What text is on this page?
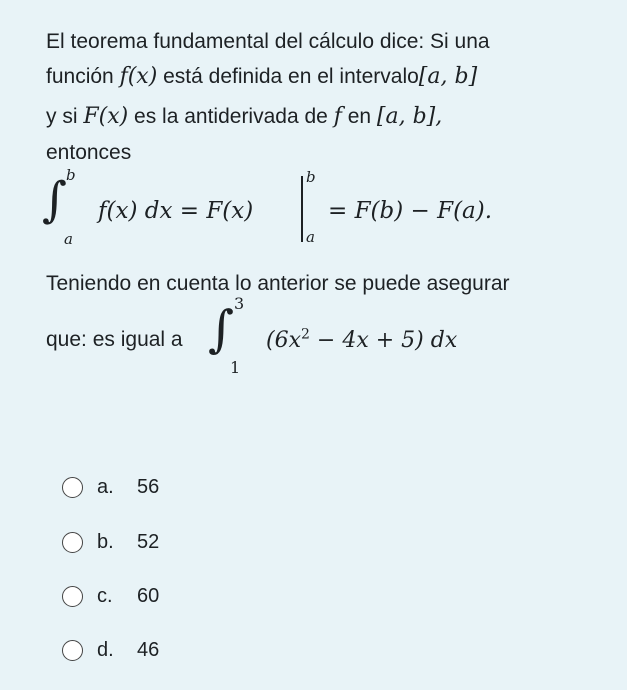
El teorema fundamental del cálculo dice: Si una
función f(x) está definida en el intervalo[a, b]
y si F(x) es la antiderivada de f en [a, b],
entonces
∫
b
a
f(x) dx = F(x)
b
a
= F(b) − F(a).
Teniendo en cuenta lo anterior se puede asegurar
que: es igual a ∫ 3
1
$(6x^2 - 4x + 5)$ dx
a.	56
b.	52
c.	60
d.	46
